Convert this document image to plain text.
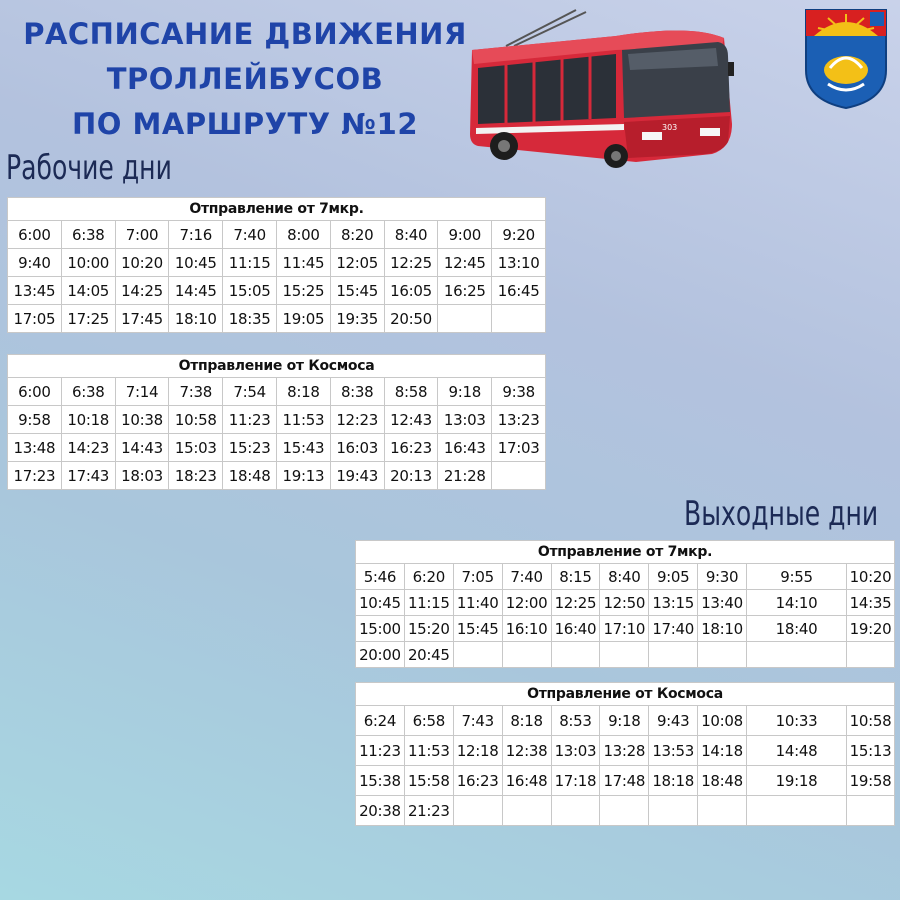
РАСПИСАНИЕ ДВИЖЕНИЯ
ТРОЛЛЕЙБУСОВ
ПО МАРШРУТУ №12	303
Рабочие дни
Отправление от 7мкр.									
6:00	6:38	7:00	7:16	7:40	8:00	8:20	8:40	9:00	9:20
9:40	10:00	10:20	10:45	11:15	11:45	12:05	12:25	12:45	13:10
13:45	14:05	14:25	14:45	15:05	15:25	15:45	16:05	16:25	16:45
17:05	17:25	17:45	18:10	18:35	19:05	19:35	20:50		
Отправление от Космоса									
6:00	6:38	7:14	7:38	7:54	8:18	8:38	8:58	9:18	9:38
9:58	10:18	10:38	10:58	11:23	11:53	12:23	12:43	13:03	13:23
13:48	14:23	14:43	15:03	15:23	15:43	16:03	16:23	16:43	17:03
17:23	17:43	18:03	18:23	18:48	19:13	19:43	20:13	21:28	
Выходные дни
Отправление от 7мкр.									
5:46	6:20	7:05	7:40	8:15	8:40	9:05	9:30	9:55	10:20
10:45	11:15	11:40	12:00	12:25	12:50	13:15	13:40	14:10	14:35
15:00	15:20	15:45	16:10	16:40	17:10	17:40	18:10	18:40	19:20
20:00	20:45								
Отправление от Космоса									
6:24	6:58	7:43	8:18	8:53	9:18	9:43	10:08	10:33	10:58
11:23	11:53	12:18	12:38	13:03	13:28	13:53	14:18	14:48	15:13
15:38	15:58	16:23	16:48	17:18	17:48	18:18	18:48	19:18	19:58
20:38	21:23								
